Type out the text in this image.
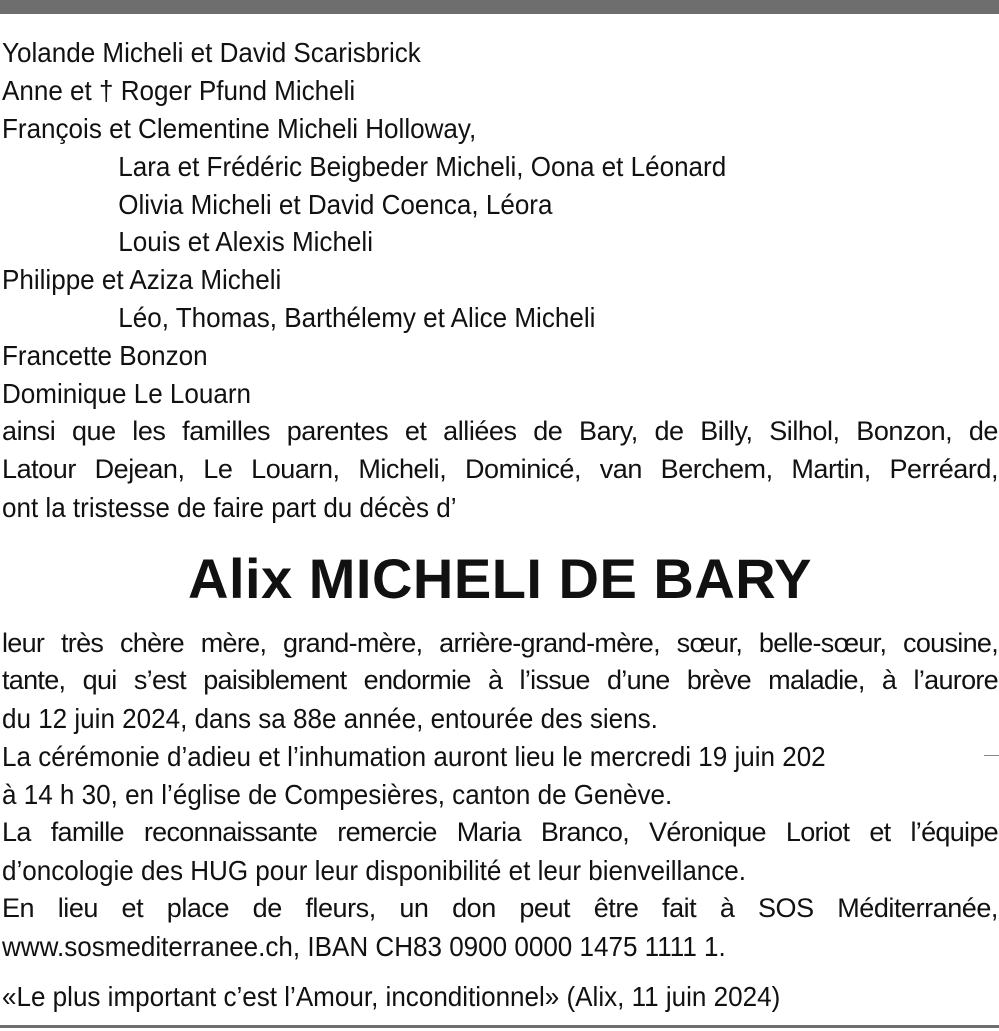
Yolande Micheli et David Scarisbrick
Anne et † Roger Pfund Micheli
François et Clementine Micheli Holloway,
Lara et Frédéric Beigbeder Micheli, Oona et Léonard
Olivia Micheli et David Coenca, Léora
Louis et Alexis Micheli
Philippe et Aziza Micheli
Léo, Thomas, Barthélemy et Alice Micheli
Francette Bonzon
Dominique Le Louarn
ainsi que les familles parentes et alliées de Bary, de Billy, Silhol, Bonzon, de
Latour Dejean, Le Louarn, Micheli, Dominicé, van Berchem, Martin, Perréard,
ont la tristesse de faire part du décès d’
Alix MICHELI DE BARY
leur très chère mère, grand-mère, arrière-grand-mère, sœur, belle-sœur, cousine,
tante, qui s’est paisiblement endormie à l’issue d’une brève maladie, à l’aurore
du 12 juin 2024, dans sa 88e année, entourée des siens.
La cérémonie d’adieu et l’inhumation auront lieu le mercredi 19 juin 202
à 14 h 30, en l’église de Compesières, canton de Genève.
La famille reconnaissante remercie Maria Branco, Véronique Loriot et l’équipe
d’oncologie des HUG pour leur disponibilité et leur bienveillance.
En lieu et place de fleurs, un don peut être fait à SOS Méditerranée,
www.sosmediterranee.ch, IBAN CH83 0900 0000 1475 1111 1.
«Le plus important c’est l’Amour, inconditionnel» (Alix, 11 juin 2024)
